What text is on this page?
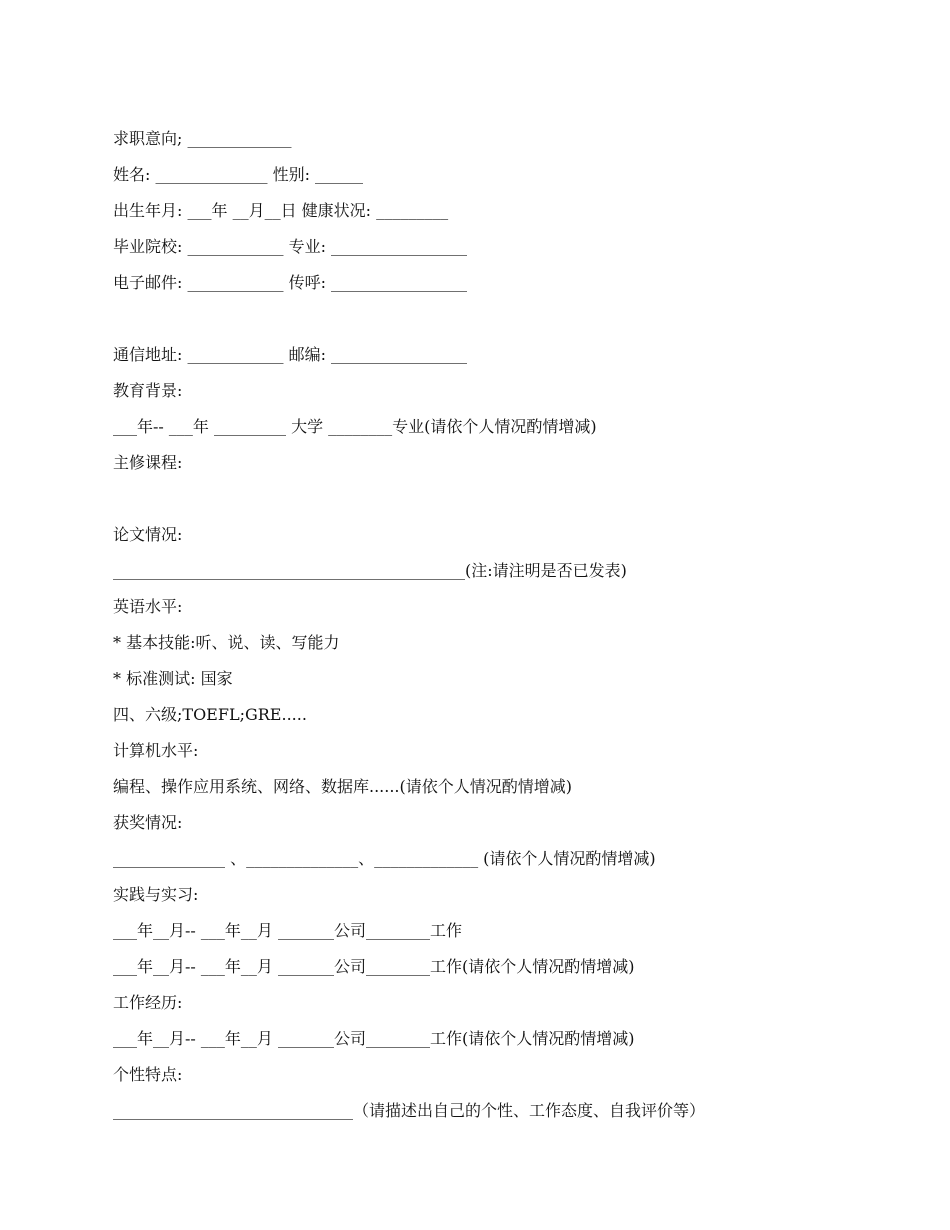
求职意向; _____________
姓名: ______________ 性别: ______
出生年月: ___年 __月__日 健康状况: _________
毕业院校: ____________ 专业: _________________
电子邮件: ____________ 传呼: _________________
通信地址: ____________ 邮编: _________________
教育背景:
___年-- ___年 _________ 大学 ________专业(请依个人情况酌情增减)
主修课程:
论文情况:
____________________________________________(注:请注明是否已发表)
英语水平:
* 基本技能:听、说、读、写能力
* 标准测试: 国家
四、六级;TOEFL;GRE.....
计算机水平:
编程、操作应用系统、网络、数据库......(请依个人情况酌情增减)
获奖情况:
______________ 、______________、_____________ (请依个人情况酌情增减)
实践与实习:
___年__月-- ___年__月 _______公司________工作
___年__月-- ___年__月 _______公司________工作(请依个人情况酌情增减)
工作经历:
___年__月-- ___年__月 _______公司________工作(请依个人情况酌情增减)
个性特点:
______________________________（请描述出自己的个性、工作态度、自我评价等）
